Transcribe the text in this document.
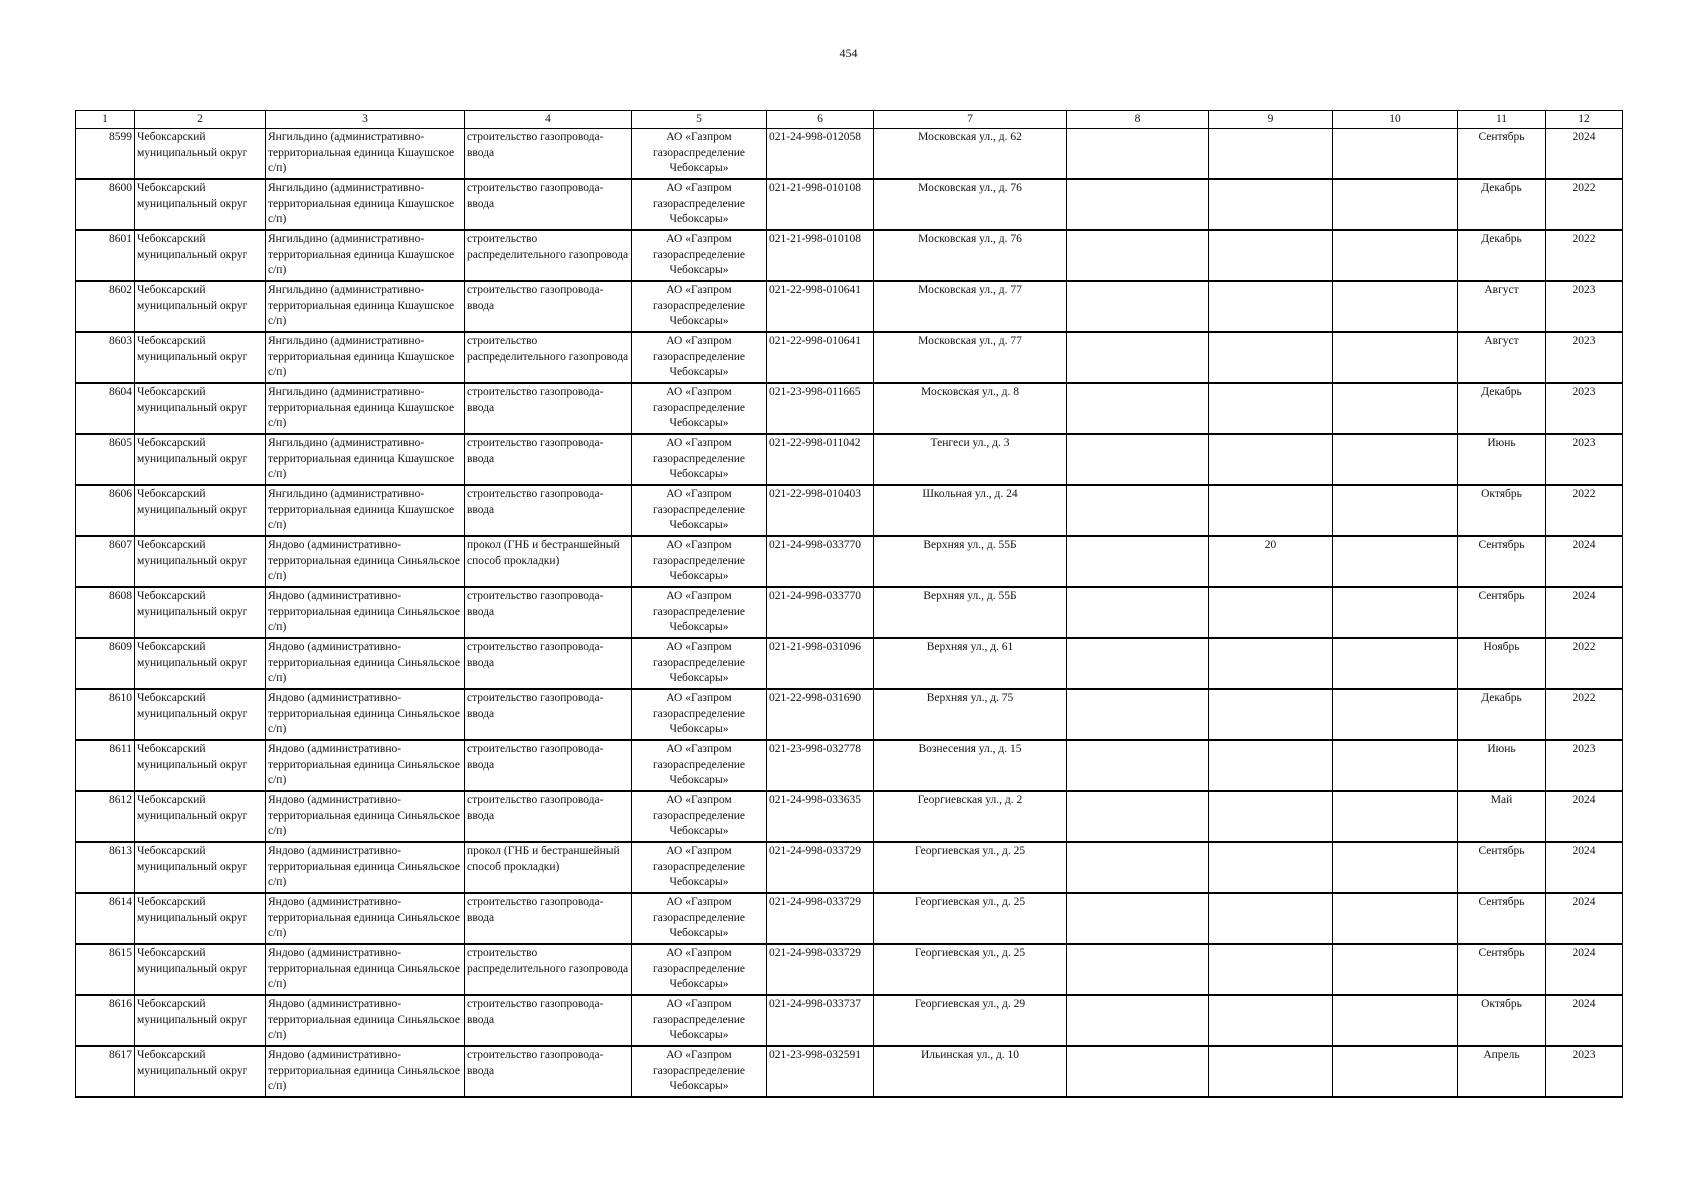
454
1	2	3	4	5	6	7	8	9	10	11	12
8599	Чебоксарский муниципальный округ	Янгильдино (административно-территориальная единица Кшаушское с/п)	строительство газопровода-ввода	АО «Газпром газораспределение Чебоксары»	021-24-998-012058	Московская ул., д. 62				Сентябрь	2024
8600	Чебоксарский муниципальный округ	Янгильдино (административно-территориальная единица Кшаушское с/п)	строительство газопровода-ввода	АО «Газпром газораспределение Чебоксары»	021-21-998-010108	Московская ул., д. 76				Декабрь	2022
8601	Чебоксарский муниципальный округ	Янгильдино (административно-территориальная единица Кшаушское с/п)	строительство распределительного газопровода	АО «Газпром газораспределение Чебоксары»	021-21-998-010108	Московская ул., д. 76				Декабрь	2022
8602	Чебоксарский муниципальный округ	Янгильдино (административно-территориальная единица Кшаушское с/п)	строительство газопровода-ввода	АО «Газпром газораспределение Чебоксары»	021-22-998-010641	Московская ул., д. 77				Август	2023
8603	Чебоксарский муниципальный округ	Янгильдино (административно-территориальная единица Кшаушское с/п)	строительство распределительного газопровода	АО «Газпром газораспределение Чебоксары»	021-22-998-010641	Московская ул., д. 77				Август	2023
8604	Чебоксарский муниципальный округ	Янгильдино (административно-территориальная единица Кшаушское с/п)	строительство газопровода-ввода	АО «Газпром газораспределение Чебоксары»	021-23-998-011665	Московская ул., д. 8				Декабрь	2023
8605	Чебоксарский муниципальный округ	Янгильдино (административно-территориальная единица Кшаушское с/п)	строительство газопровода-ввода	АО «Газпром газораспределение Чебоксары»	021-22-998-011042	Тенгеси ул., д. 3				Июнь	2023
8606	Чебоксарский муниципальный округ	Янгильдино (административно-территориальная единица Кшаушское с/п)	строительство газопровода-ввода	АО «Газпром газораспределение Чебоксары»	021-22-998-010403	Школьная ул., д. 24				Октябрь	2022
8607	Чебоксарский муниципальный округ	Яндово (административно-территориальная единица Синьяльское с/п)	прокол (ГНБ и бестраншейный способ прокладки)	АО «Газпром газораспределение Чебоксары»	021-24-998-033770	Верхняя ул., д. 55Б		20		Сентябрь	2024
8608	Чебоксарский муниципальный округ	Яндово (административно-территориальная единица Синьяльское с/п)	строительство газопровода-ввода	АО «Газпром газораспределение Чебоксары»	021-24-998-033770	Верхняя ул., д. 55Б				Сентябрь	2024
8609	Чебоксарский муниципальный округ	Яндово (административно-территориальная единица Синьяльское с/п)	строительство газопровода-ввода	АО «Газпром газораспределение Чебоксары»	021-21-998-031096	Верхняя ул., д. 61				Ноябрь	2022
8610	Чебоксарский муниципальный округ	Яндово (административно-территориальная единица Синьяльское с/п)	строительство газопровода-ввода	АО «Газпром газораспределение Чебоксары»	021-22-998-031690	Верхняя ул., д. 75				Декабрь	2022
8611	Чебоксарский муниципальный округ	Яндово (административно-территориальная единица Синьяльское с/п)	строительство газопровода-ввода	АО «Газпром газораспределение Чебоксары»	021-23-998-032778	Вознесения ул., д. 15				Июнь	2023
8612	Чебоксарский муниципальный округ	Яндово (административно-территориальная единица Синьяльское с/п)	строительство газопровода-ввода	АО «Газпром газораспределение Чебоксары»	021-24-998-033635	Георгиевская ул., д. 2				Май	2024
8613	Чебоксарский муниципальный округ	Яндово (административно-территориальная единица Синьяльское с/п)	прокол (ГНБ и бестраншейный способ прокладки)	АО «Газпром газораспределение Чебоксары»	021-24-998-033729	Георгиевская ул., д. 25				Сентябрь	2024
8614	Чебоксарский муниципальный округ	Яндово (административно-территориальная единица Синьяльское с/п)	строительство газопровода-ввода	АО «Газпром газораспределение Чебоксары»	021-24-998-033729	Георгиевская ул., д. 25				Сентябрь	2024
8615	Чебоксарский муниципальный округ	Яндово (административно-территориальная единица Синьяльское с/п)	строительство распределительного газопровода	АО «Газпром газораспределение Чебоксары»	021-24-998-033729	Георгиевская ул., д. 25				Сентябрь	2024
8616	Чебоксарский муниципальный округ	Яндово (административно-территориальная единица Синьяльское с/п)	строительство газопровода-ввода	АО «Газпром газораспределение Чебоксары»	021-24-998-033737	Георгиевская ул., д. 29				Октябрь	2024
8617	Чебоксарский муниципальный округ	Яндово (административно-территориальная единица Синьяльское с/п)	строительство газопровода-ввода	АО «Газпром газораспределение Чебоксары»	021-23-998-032591	Ильинская ул., д. 10				Апрель	2023
